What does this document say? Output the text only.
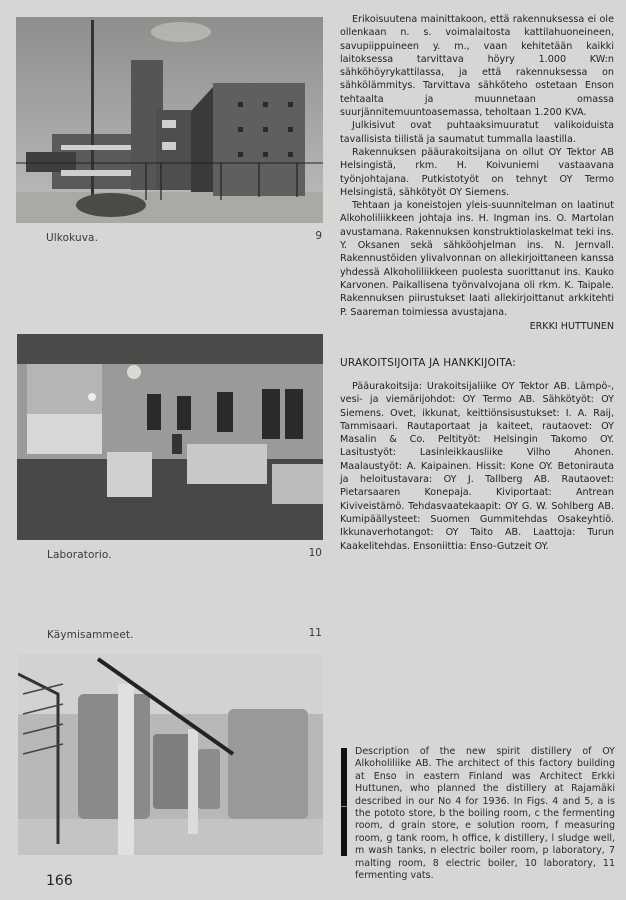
Ulkokuva.	9
Laboratorio.	10
Käymisammeet.	11

Erikoisuutena mainittakoon, että rakennuksessa ei ole ollenkaan n. s. voimalaitosta kattilahuoneineen, savupiippuineen y. m., vaan kehitetään kaikki laitoksessa tarvittava höyry 1.000 KW:n sähköhöyrykattilassa, ja että rakennuksessa on sähkölämmitys. Tarvittava sähköteho ostetaan Enson tehtaalta ja muunnetaan omassa suurjännitemuuntoasemassa, teholtaan 1.200 KVA.

Julkisivut ovat puhtaaksimuuratut valikoiduista tavallisista tiilistä ja saumatut tummalla laastilla.

Rakennuksen pääurakoitsijana on ollut OY Tektor AB Helsingistä, rkm. H. Koivuniemi vastaavana työnjohtajana. Putkistotyöt on tehnyt OY Termo Helsingistä, sähkötyöt OY Siemens.

Tehtaan ja koneistojen yleis-suunnitelman on laatinut Alkoholiliikkeen johtaja ins. H. Ingman ins. O. Martolan avustamana. Rakennuksen konstruktiolaskelmat teki ins. Y. Oksanen sekä sähköohjelman ins. N. Jernvall. Rakennustöiden ylivalvonnan on allekirjoittaneen kanssa yhdessä Alkoholiliikkeen puolesta suorittanut ins. Kauko Karvonen. Paikallisena työnvalvojana oli rkm. K. Taipale. Rakennuksen piirustukset laati allekirjoittanut arkkitehti P. Saareman toimiessa avustajana.

ERKKI HUTTUNEN

URAKOITSIJOITA JA HANKKIJOITA:

Pääurakoitsija: Urakoitsijaliike OY Tektor AB. Lämpö-, vesi- ja viemärijohdot: OY Termo AB. Sähkötyöt: OY Siemens. Ovet, ikkunat, keittiönsisustukset: I. A. Raij, Tammisaari. Rautaportaat ja kaiteet, rautaovet: OY Masalin & Co. Peltityöt: Helsingin Takomo OY. Lasitustyöt: Lasinleikkausliike Vilho Ahonen. Maalaustyöt: A. Kaipainen. Hissit: Kone OY. Betonirauta ja heloitustavara: OY J. Tallberg AB. Rautaovet: Pietarsaaren Konepaja. Kiviportaat: Antrean Kiviveistämö. Tehdasvaatekaapit: OY G. W. Sohlberg AB. Kumipäällysteet: Suomen Gummitehdas Osakeyhtiö. Ikkunaverhotangot: OY Taito AB. Laattoja: Turun Kaakelitehdas. Ensoniittia: Enso-Gutzeit OY.

Description of the new spirit distillery of OY Alkoholiliike AB. The architect of this factory building at Enso in eastern Finland was Architect Erkki Huttunen, who planned the distillery at Rajamäki described in our No 4 for 1936. In Figs. 4 and 5, a is the pototo store, b the boiling room, c the fermenting room, d grain store, e solution room, f measuring room, g tank room, h office, k distillery, l sludge well, m wash tanks, n electric boiler room, p laboratory, 7 malting room, 8 electric boiler, 10 laboratory, 11 fermenting vats.
166
